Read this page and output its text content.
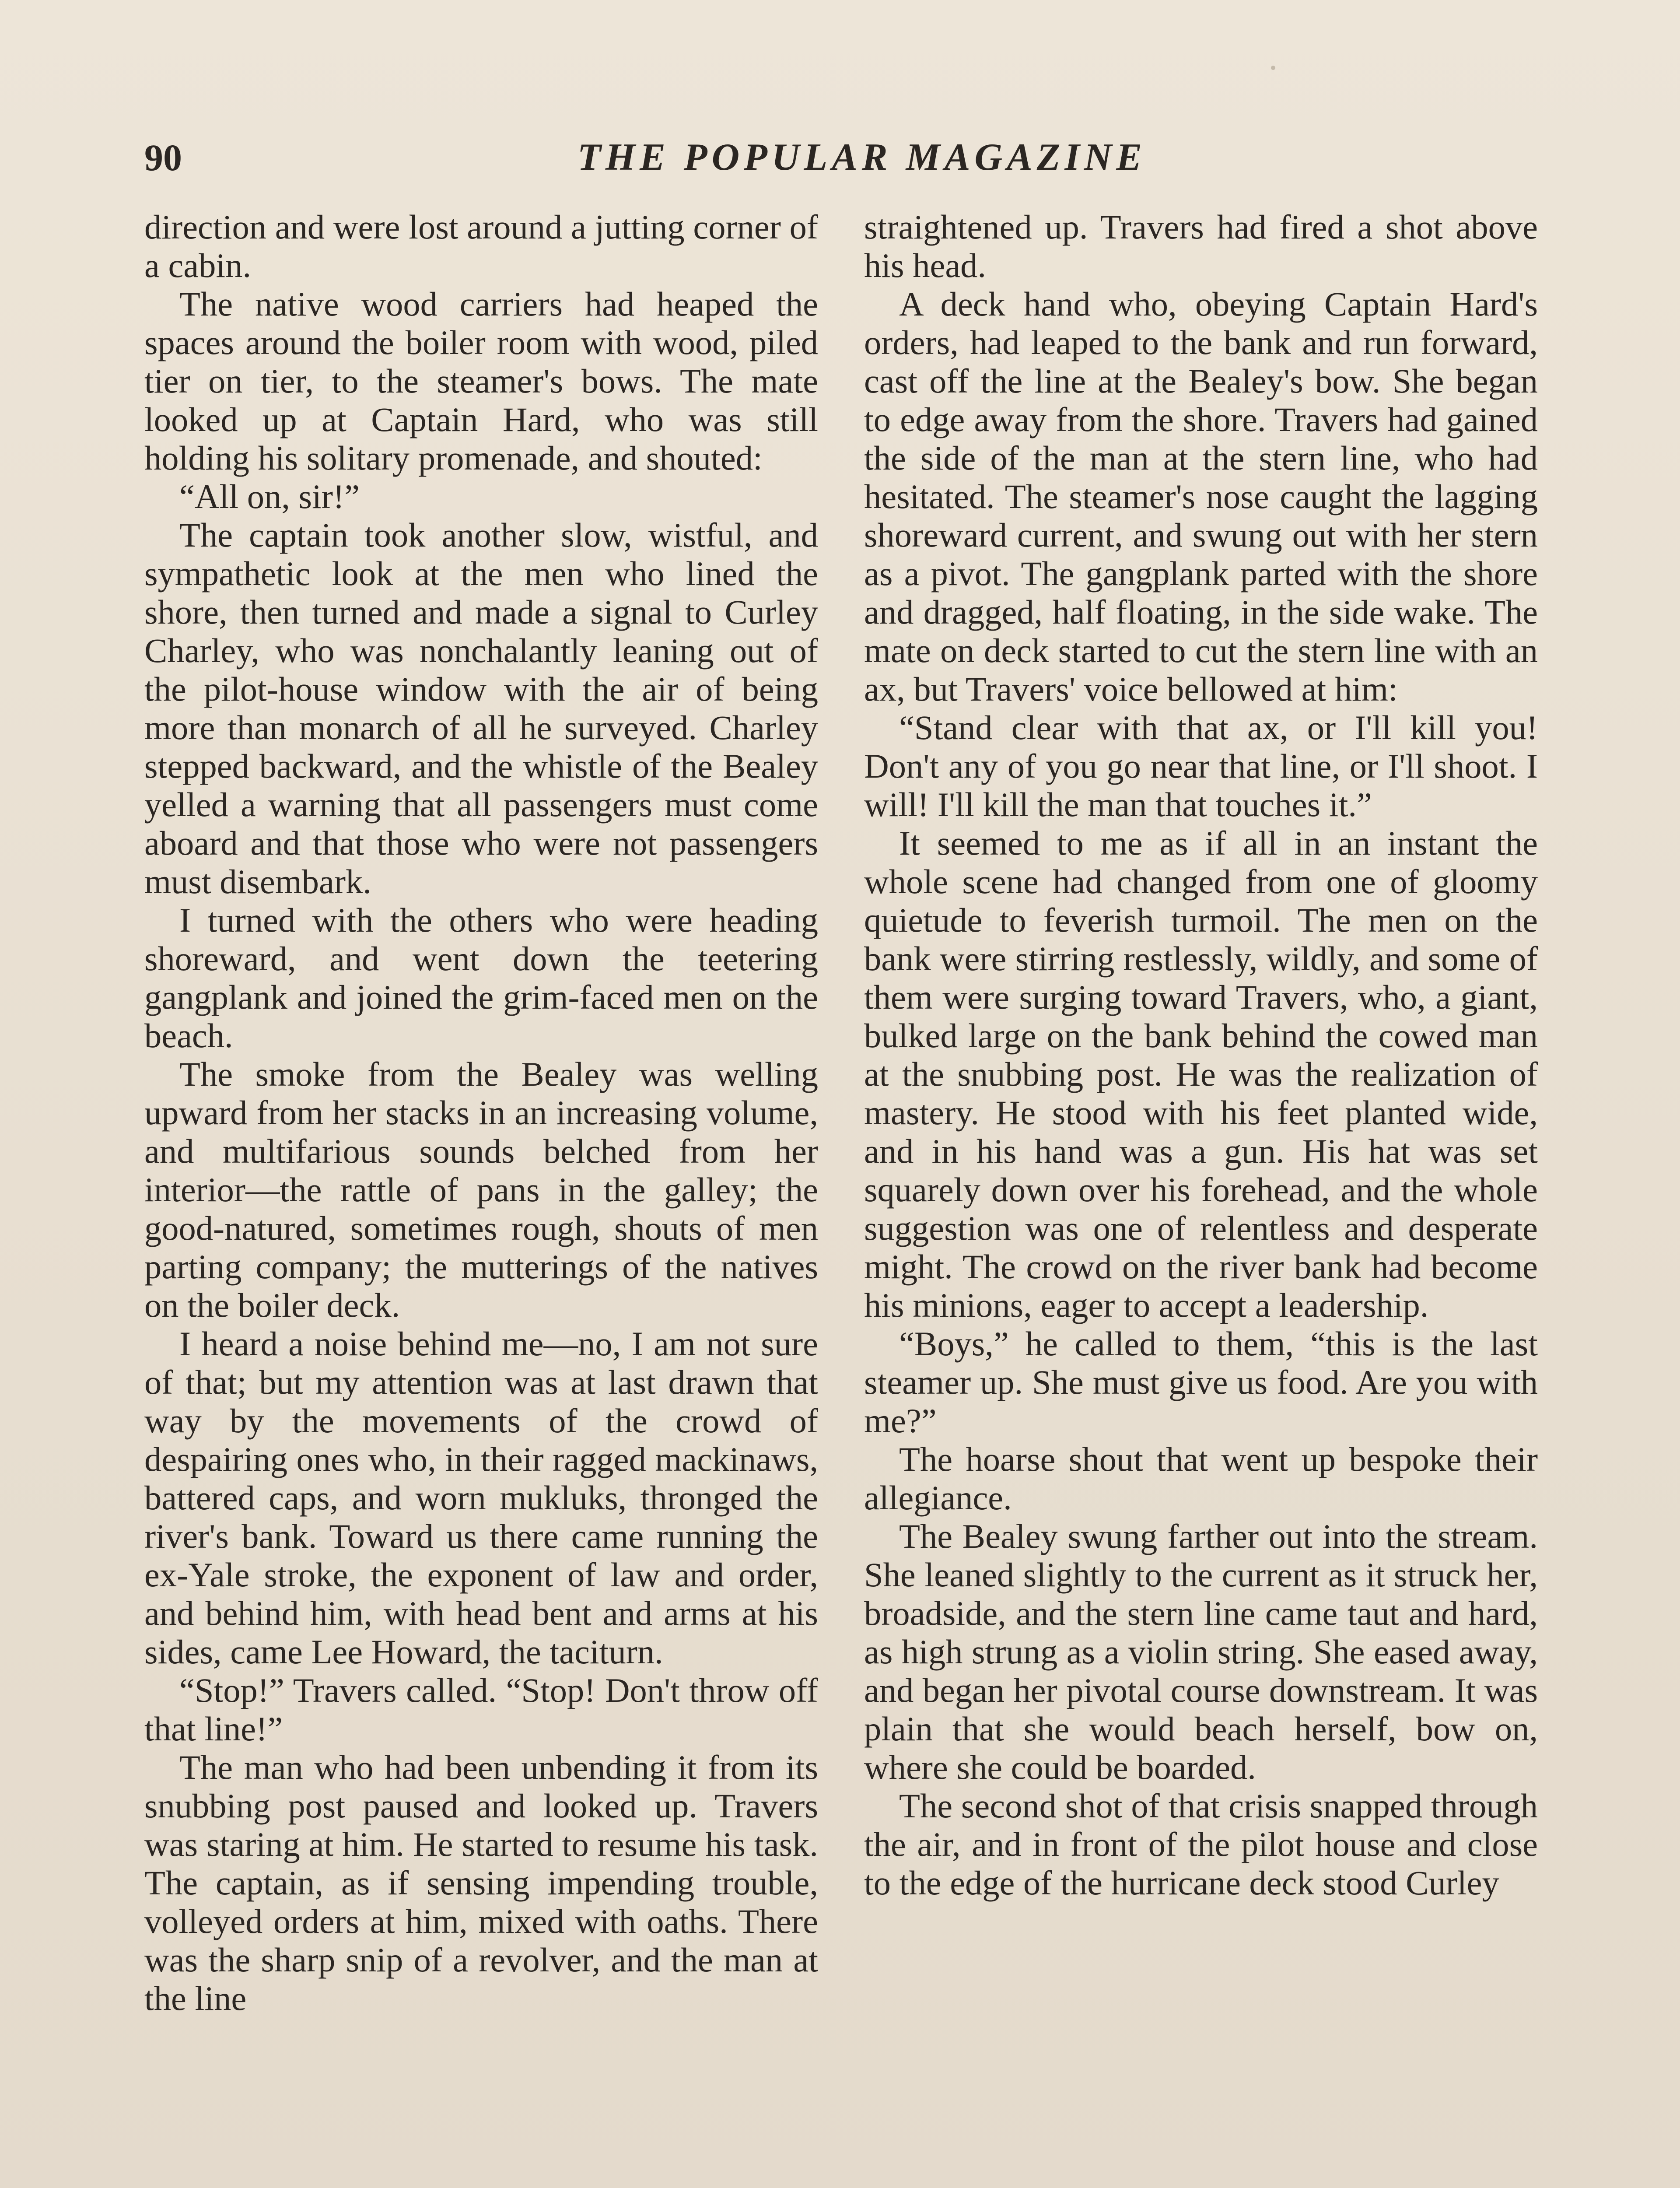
90	THE POPULAR MAGAZINE

direction and were lost around a jutting corner of a cabin.

The native wood carriers had heaped the spaces around the boiler room with wood, piled tier on tier, to the steamer's bows. The mate looked up at Captain Hard, who was still holding his solitary promenade, and shouted:

“All on, sir!”

The captain took another slow, wistful, and sympathetic look at the men who lined the shore, then turned and made a signal to Curley Charley, who was nonchalantly leaning out of the pilot-house window with the air of being more than monarch of all he surveyed. Charley stepped backward, and the whistle of the Bealey yelled a warning that all passengers must come aboard and that those who were not passengers must disembark.

I turned with the others who were heading shoreward, and went down the teetering gangplank and joined the grim-faced men on the beach.

The smoke from the Bealey was welling upward from her stacks in an increasing volume, and multifarious sounds belched from her interior—the rattle of pans in the galley; the good-natured, sometimes rough, shouts of men parting company; the mutterings of the natives on the boiler deck.

I heard a noise behind me—no, I am not sure of that; but my attention was at last drawn that way by the movements of the crowd of despairing ones who, in their ragged mackinaws, battered caps, and worn mukluks, thronged the river's bank. Toward us there came running the ex-Yale stroke, the exponent of law and order, and behind him, with head bent and arms at his sides, came Lee Howard, the taciturn.

“Stop!” Travers called. “Stop! Don't throw off that line!”

The man who had been unbending it from its snubbing post paused and looked up. Travers was staring at him. He started to resume his task. The captain, as if sensing impending trouble, volleyed orders at him, mixed with oaths. There was the sharp snip of a revolver, and the man at the line

straightened up. Travers had fired a shot above his head.

A deck hand who, obeying Captain Hard's orders, had leaped to the bank and run forward, cast off the line at the Bealey's bow. She began to edge away from the shore. Travers had gained the side of the man at the stern line, who had hesitated. The steamer's nose caught the lagging shoreward current, and swung out with her stern as a pivot. The gangplank parted with the shore and dragged, half floating, in the side wake. The mate on deck started to cut the stern line with an ax, but Travers' voice bellowed at him:

“Stand clear with that ax, or I'll kill you! Don't any of you go near that line, or I'll shoot. I will! I'll kill the man that touches it.”

It seemed to me as if all in an instant the whole scene had changed from one of gloomy quietude to feverish turmoil. The men on the bank were stirring restlessly, wildly, and some of them were surging toward Travers, who, a giant, bulked large on the bank behind the cowed man at the snubbing post. He was the realization of mastery. He stood with his feet planted wide, and in his hand was a gun. His hat was set squarely down over his forehead, and the whole suggestion was one of relentless and desperate might. The crowd on the river bank had become his minions, eager to accept a leadership.

“Boys,” he called to them, “this is the last steamer up. She must give us food. Are you with me?”

The hoarse shout that went up bespoke their allegiance.

The Bealey swung farther out into the stream. She leaned slightly to the current as it struck her, broadside, and the stern line came taut and hard, as high strung as a violin string. She eased away, and began her pivotal course downstream. It was plain that she would beach herself, bow on, where she could be boarded.

The second shot of that crisis snapped through the air, and in front of the pilot house and close to the edge of the hurricane deck stood Curley
